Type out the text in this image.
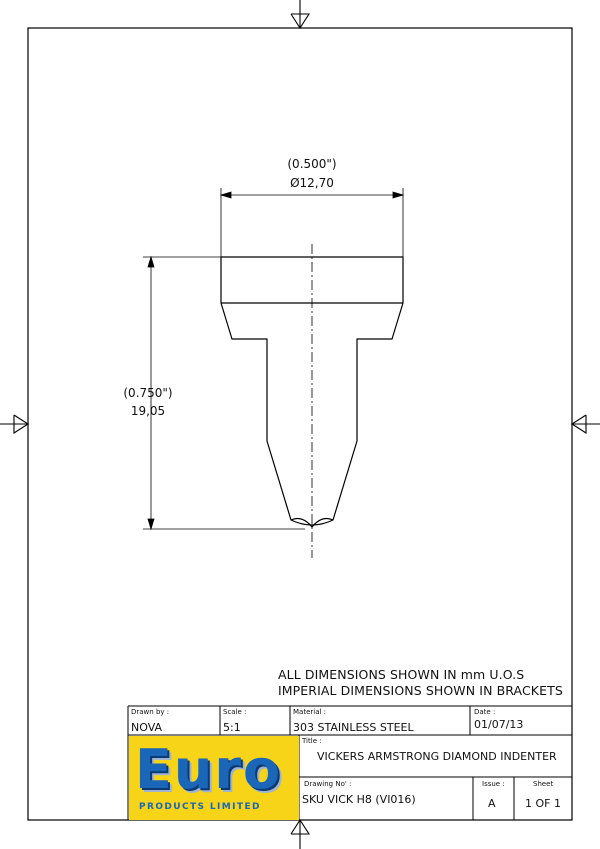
(0.500")
Ø12,70
(0.750")
19,05
ALL DIMENSIONS SHOWN IN mm U.O.S
IMPERIAL DIMENSIONS SHOWN IN BRACKETS
Drawn by :
NOVA
Scale :
5:1
Material :
303 STAINLESS STEEL
Date :
01/07/13
Title :
VICKERS ARMSTRONG DIAMOND INDENTER
Drawing No' :
SKU VICK H8 (VI016)
Issue :
A
Sheet
1 OF 1
Euro
PRODUCTS LIMITED
